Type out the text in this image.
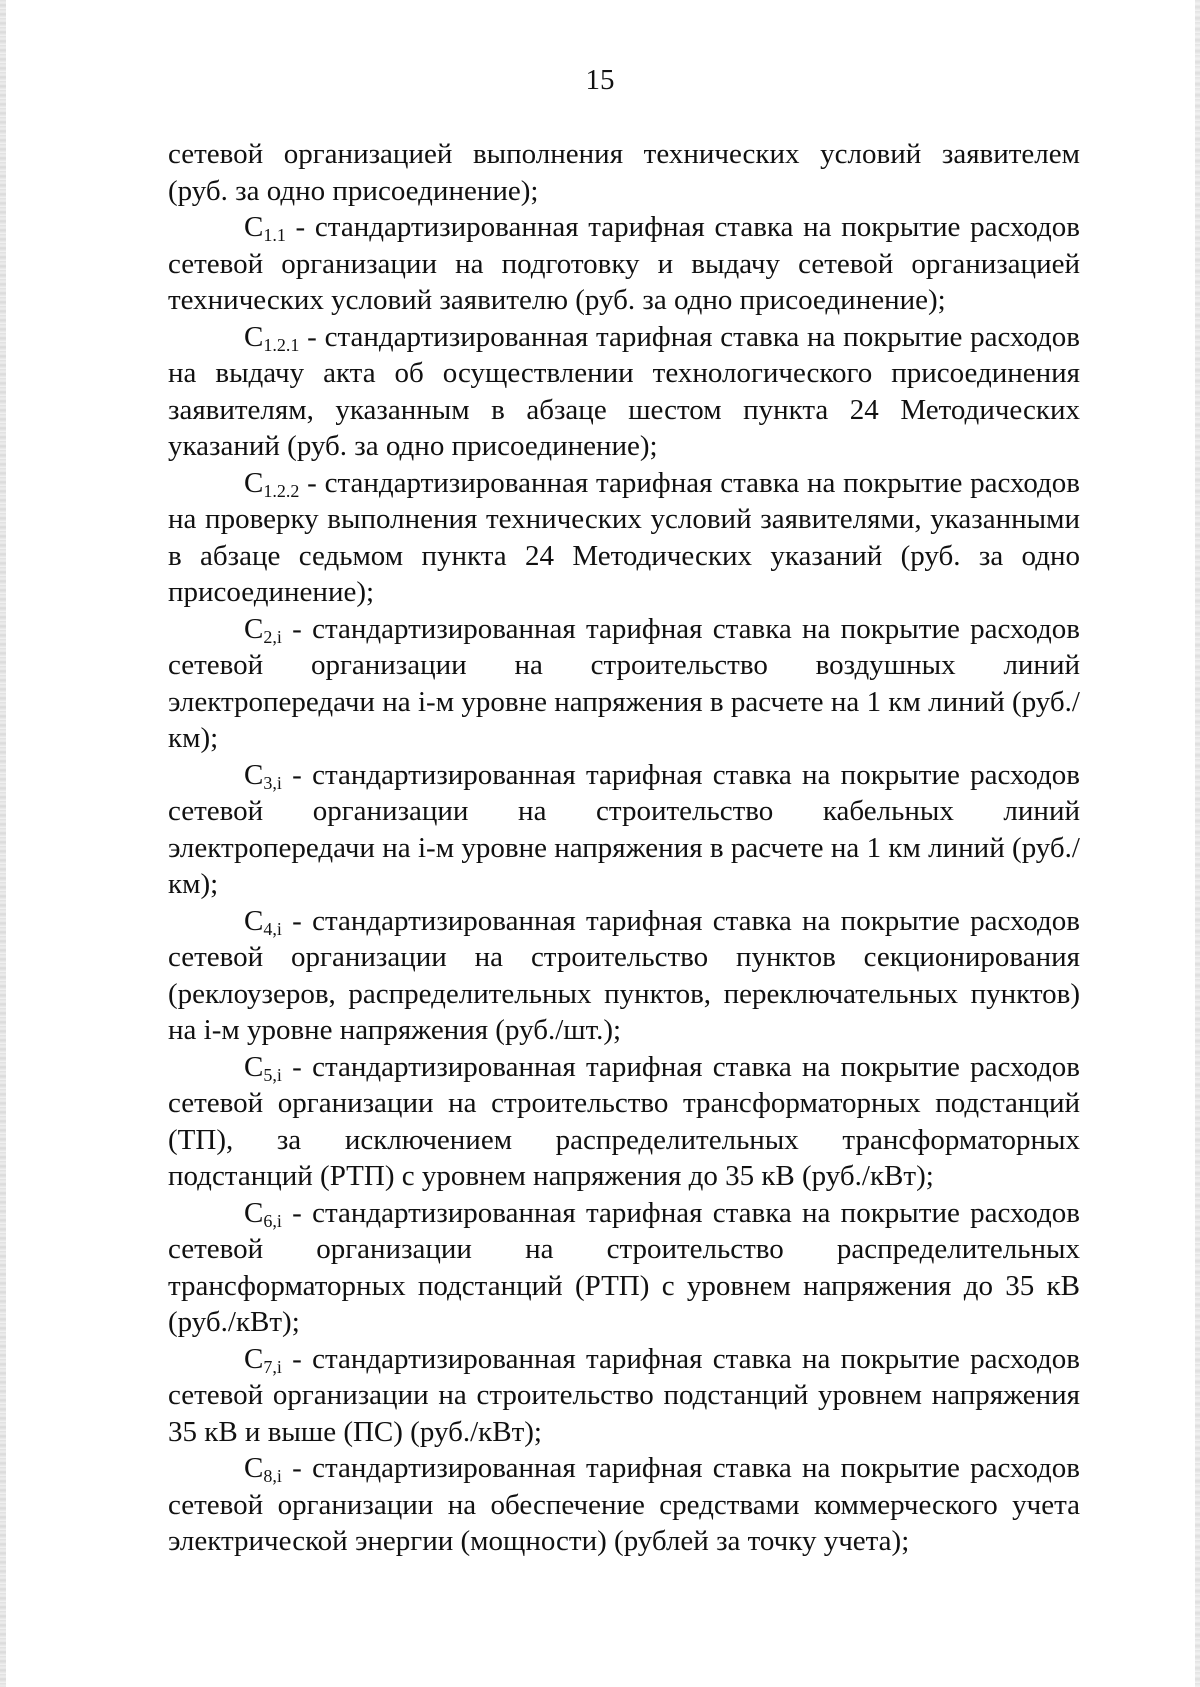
15

сетевой организацией выполнения технических условий заявителем (руб. за одно присоединение);

$С_{1.1}$ - стандартизированная тарифная ставка на покрытие расходов сетевой организации на подготовку и выдачу сетевой организацией технических условий заявителю (руб. за одно присоединение);

$С_{1.2.1}$ - стандартизированная тарифная ставка на покрытие расходов на выдачу акта об осуществлении технологического присоединения заявителям, указанным в абзаце шестом пункта 24 Методических указаний (руб. за одно присоединение);

$С_{1.2.2}$ - стандартизированная тарифная ставка на покрытие расходов на проверку выполнения технических условий заявителями, указанными в абзаце седьмом пункта 24 Методических указаний (руб. за одно присоединение);

$С_{2,i}$ - стандартизированная тарифная ставка на покрытие расходов сетевой организации на строительство воздушных линий электропередачи на i-м уровне напряжения в расчете на 1 км линий (руб./км);

$С_{3,i}$ - стандартизированная тарифная ставка на покрытие расходов сетевой организации на строительство кабельных линий электропередачи на i-м уровне напряжения в расчете на 1 км линий (руб./км);

$С_{4,i}$ - стандартизированная тарифная ставка на покрытие расходов сетевой организации на строительство пунктов секционирования (реклоузеров, распределительных пунктов, переключательных пунктов) на i-м уровне напряжения (руб./шт.);

$С_{5,i}$ - стандартизированная тарифная ставка на покрытие расходов сетевой организации на строительство трансформаторных подстанций (ТП), за исключением распределительных трансформаторных подстанций (РТП) с уровнем напряжения до 35 кВ (руб./кВт);

$С_{6,i}$ - стандартизированная тарифная ставка на покрытие расходов сетевой организации на строительство распределительных трансформаторных подстанций (РТП) с уровнем напряжения до 35 кВ (руб./кВт);

$С_{7,i}$ - стандартизированная тарифная ставка на покрытие расходов сетевой организации на строительство подстанций уровнем напряжения 35 кВ и выше (ПС) (руб./кВт);

$С_{8,i}$ - стандартизированная тарифная ставка на покрытие расходов сетевой организации на обеспечение средствами коммерческого учета электрической энергии (мощности) (рублей за точку учета);
